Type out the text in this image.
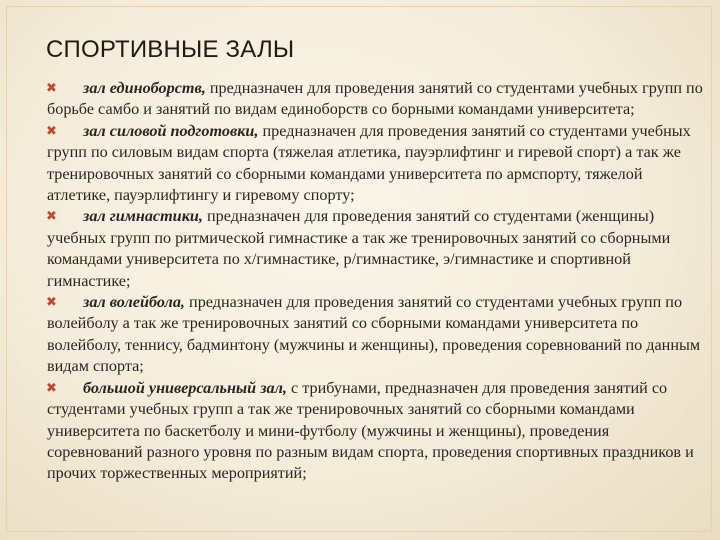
СПОРТИВНЫЕ ЗАЛЫ

✖	зал единоборств, предназначен для проведения занятий со студентами учебных групп по борьбе самбо и занятий по видам единоборств со борными командами университета;

✖	зал силовой подготовки, предназначен для проведения занятий со студентами учебных групп по силовым видам спорта (тяжелая атлетика, пауэрлифтинг и гиревой спорт) а так же тренировочных занятий со сборными командами университета по армспорту, тяжелой атлетике, пауэрлифтингу и гиревому спорту;

✖	зал гимнастики, предназначен для проведения занятий со студентами (женщины) учебных групп по ритмической гимнастике а так же тренировочных занятий со сборными командами университета по х/гимнастике, р/гимнастике, э/гимнастике и спортивной гимнастике;

✖	зал волейбола, предназначен для проведения занятий со студентами учебных групп по волейболу а так же тренировочных занятий со сборными командами университета по волейболу, теннису, бадминтону (мужчины и женщины), проведения соревнований по данным видам спорта;

✖	большой универсальный зал, с трибунами, предназначен для проведения занятий со студентами учебных групп а так же тренировочных занятий со сборными командами университета по баскетболу и мини-футболу (мужчины и женщины), проведения соревнований разного уровня по разным видам спорта, проведения спортивных праздников и прочих торжественных мероприятий;
